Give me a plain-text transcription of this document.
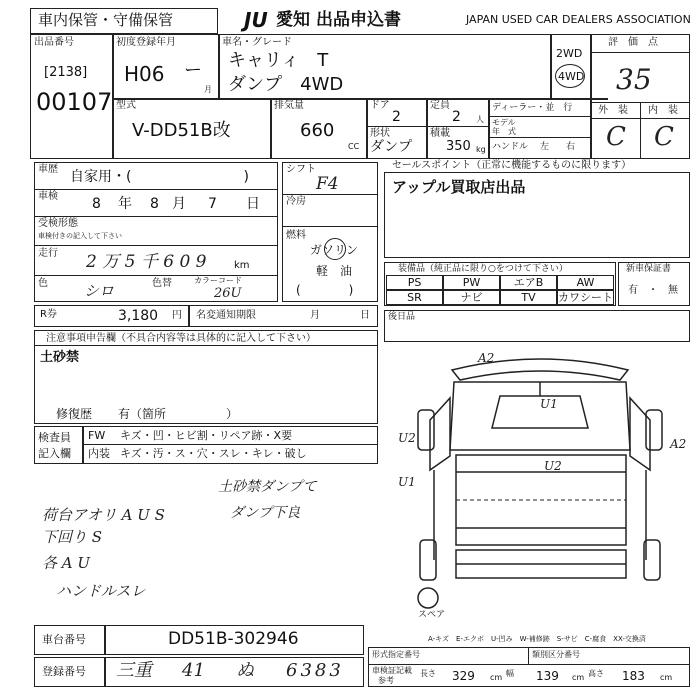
車内保管・守備保管	JU 愛知 出品申込書	JAPAN USED CAR DEALERS ASSOCIATION
出品番号
[2138]
00107
初度登録年月
H06 ー
月
車名・グレード
キャリィ　T
ダンプ　4WD
2WD
4WD
評　価　点
35
外　装 内　装
C C
型式
V-DD51B改
排気量
660
CC
ドア
2
定員
2 人
形状
ダンプ
積載
350 kg
ディーラー・並　行
モデル
年　式
ハンドル 左 右
車歴 自家用・(　　　　　　　　)
車検 8 年 8 月 7 日
受検形態
車検付きの記入して下さい
走行 2 万 5 千 6 0 9	km
色 シロ	色替	カラーコード
26U
シフト
F4
冷房
燃料
ガソリン
軽　油
(　　　　)
セールスポイント（正常に機能するものに限ります）
アップル買取店出品
R券	3,180 円 名変通知期限	月	日
装備品（純正品に限り○をつけて下さい）
PS	PW	エアB	AW
SR	ナビ	TV	カワシート
新車保証書
有　・　無
後日品
注意事項申告欄（不具合内容等は具体的に記入して下さい）
土砂禁
修復歴 有（箇所　　　　　）
検査員
記入欄
FW キズ・凹・ヒビ割・リペア跡・X要
内装 キズ・汚・ス・穴・スレ・キレ・破し
土砂禁ダンプて
ダンプ下良
荷台アオリ A U S
下回り S
各 A U
ハンドルスレ
A2
U1
U2	A2
U1
U2
スペア
A-キズ　E-エクボ　U-凹み　W-補修跡　S-サビ　C-腐食　XX-交換済
車台番号	DD51B-302946
登録番号 三重 41 ぬ 6383
形式指定番号	類別区分番号
車検証記載
参考
長さ 329 cm 幅 139 cm 高さ 183 cm
